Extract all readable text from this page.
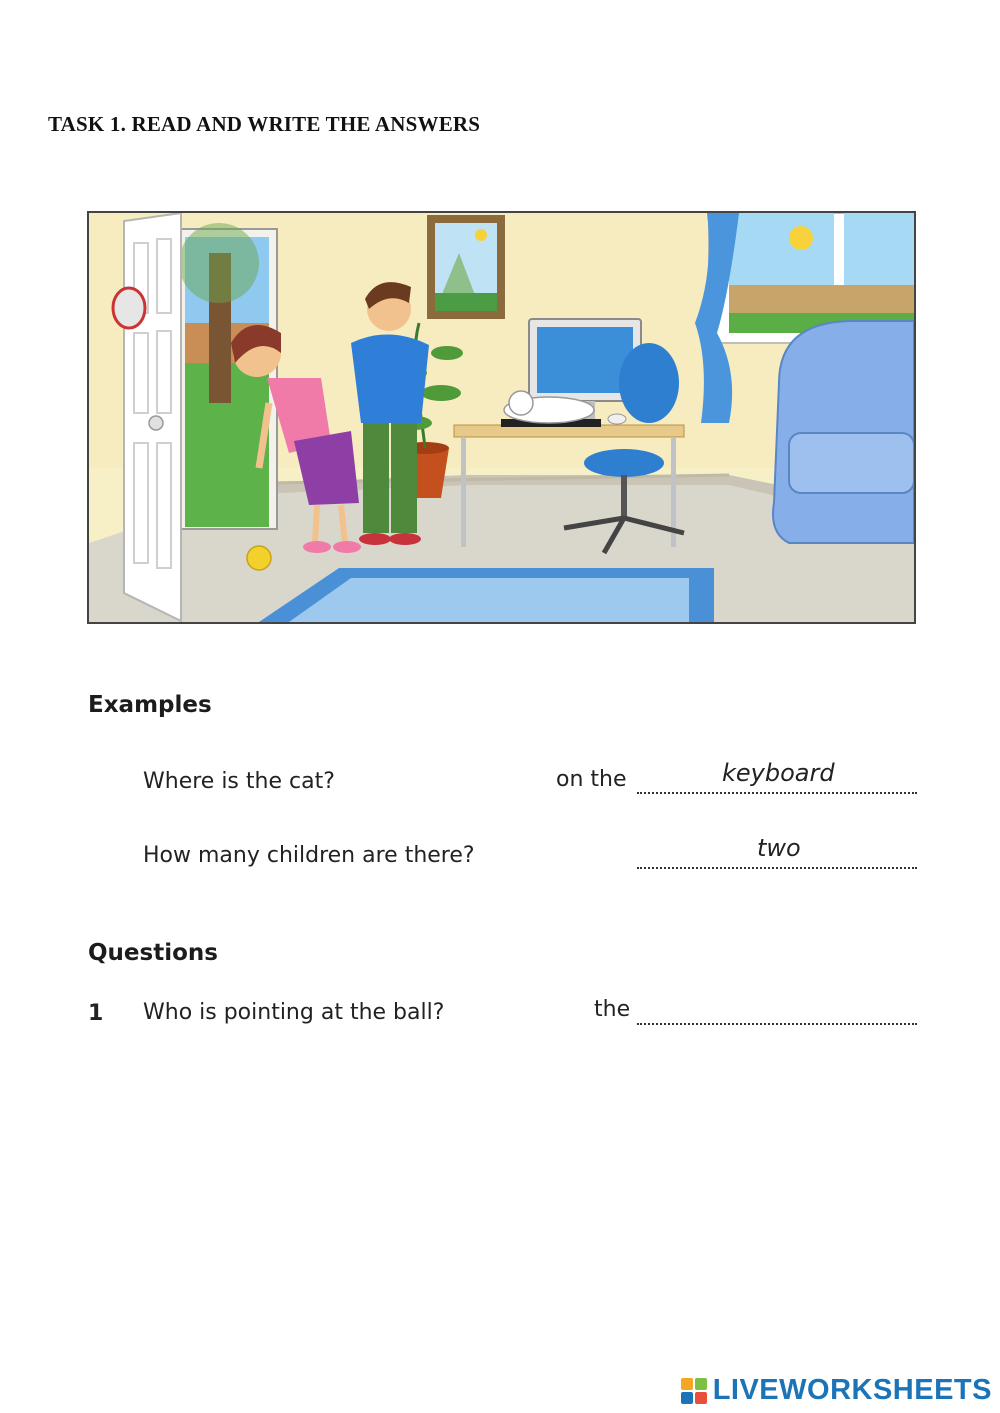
TASK 1. READ AND WRITE THE ANSWERS
Examples
Where is the cat?	on the	keyboard
How many children are there?	two
Questions
1 Who is pointing at the ball?	the
LIVEWORKSHEETS
